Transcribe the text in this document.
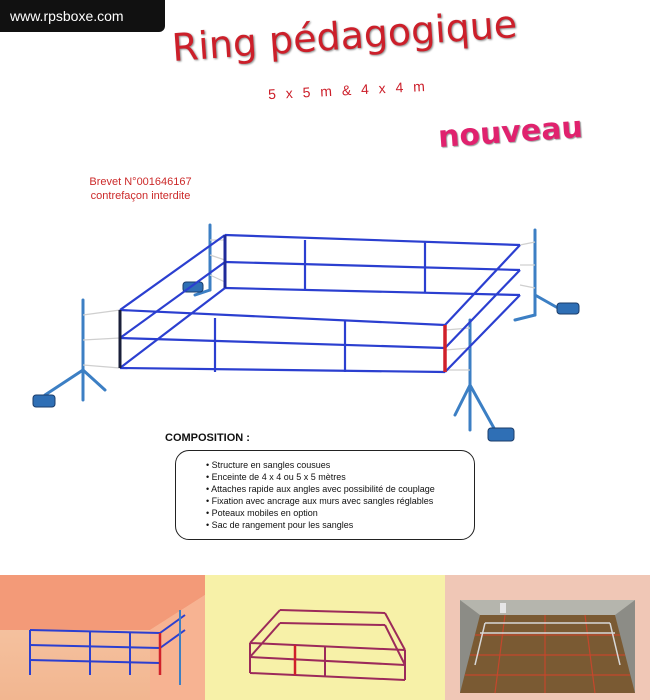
www.rpsboxe.com	Ring pédagogique
5 x 5 m & 4 x 4 m
nouveau
Brevet N°001646167
contrefaçon interdite
COMPOSITION :
• Structure en sangles cousues
• Enceinte de 4 x 4 ou 5 x 5 mètres
• Attaches rapide aux angles avec possibilité de couplage
• Fixation avec ancrage aux murs avec sangles réglables
• Poteaux mobiles en option
• Sac de rangement pour les sangles
